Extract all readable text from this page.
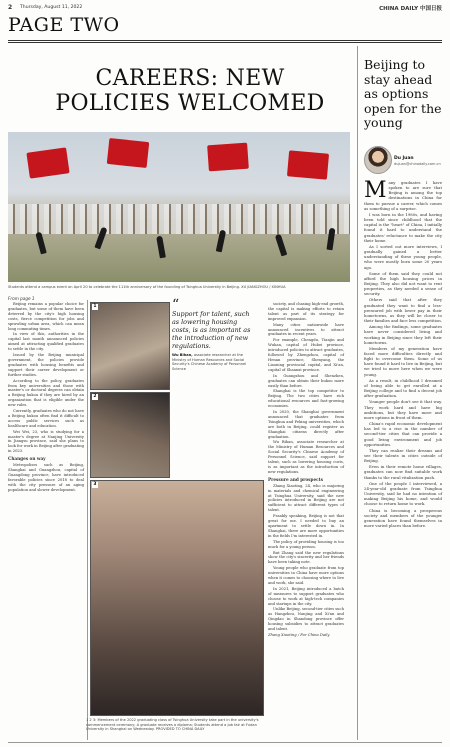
2 Thursday, August 11, 2022	CHINA DAILY 中国日报
PAGE TWO
CAREERS: NEW POLICIES WELCOMED
Students attend a campus event on April 20 to celebrate the 111th anniversary of the founding of Tsinghua University in Beijing. XU JIANGZHOU / XINHUA
From page 1

Beijing remains a popular choice for graduates, but some of them have been deterred by the city's high housing costs, fierce competition for jobs and sprawling urban area, which can mean long commuting times.

In view of this, authorities in the capital last month announced policies aimed at attracting qualified graduates to settle in the city.

Issued by the Beijing municipal government, the policies provide graduates with housing benefits and support their career development or further studies.

According to the policy, graduates from key universities and those with master's or doctoral degrees can obtain a Beijing hukou if they are hired by an organization that is eligible under the new rules.

Currently, graduates who do not have a Beijing hukou often find it difficult to access public services such as healthcare and education.

Wei Wei, 23, who is studying for a master's degree at Nanjing University in Jiangsu province, said she plans to look for work in Beijing after graduating in 2023.

Changes on way

Metropolises such as Beijing, Shanghai and Guangzhou, capital of Guangdong province, have introduced favorable policies since 2018 to deal with the city pressure of an aging population and slower development.

1
2
3
“
Support for talent, such as lowering housing costs, is as important as the introduction of new regulations.
Wu Bihan, associate researcher at the Ministry of Human Resources and Social Security's Chinese Academy of Personnel Science
1 2 3: Members of the 2022 graduating class of Tsinghua University take part in the university's commencement ceremony; A graduate receives a diploma; Students attend a job fair at Fudan University in Shanghai on Wednesday. PROVIDED TO CHINA DAILY

society, and chasing high-end growth, the capital is making efforts to retain talent as part of its strategy for improved expansion.

Many cities nationwide have announced incentives to attract graduates in recent years.

For example, Chengdu, Tianjin and Wuhan, capital of Hubei province, introduced policies to attract graduates, followed by Zhengzhou, capital of Henan province, Shenyang, the Liaoning provincial capital, and Xi'an, capital of Shaanxi province.

In Guangzhou and Shenzhen, graduates can obtain their hukou more easily than before.

Shanghai is the top competitor to Beijing. The two cities have rich educational resources and fast-growing economies.

In 2020, the Shanghai government announced that graduates from Tsinghua and Peking universities, which are both in Beijing, could register as Shanghai citizens directly after graduation.

Wu Bihan, associate researcher at the Ministry of Human Resources and Social Security's Chinese Academy of Personnel Science, said support for talent, such as lowering housing costs, is as important as the introduction of new regulations.

Pressure and prospects

Zhang Xiaoting, 24, who is majoring in materials and chemical engineering at Tsinghua University, said the new policies introduced in Beijing are not sufficient to attract different types of talent.

Frankly speaking, Beijing is not that great for me. I needed to buy an apartment to settle down in. In Shanghai, there are more opportunities in the fields I'm interested in.

The policy of providing housing is too much for a young person.

But Zhang said the new regulations show the city's sincerity and her friends have been taking note.

Young people who graduate from top universities in China have more options when it comes to choosing where to live and work, she said.

In 2021, Beijing introduced a batch of measures to support graduates who choose to work at high-tech companies and startups in the city.

Unlike Beijing, second-tier cities such as Hangzhou, Nanjing and Xi'an and Qingdao in Shandong province offer housing subsidies to attract graduates and talent.

Zhang Xiaoting / For China Daily

Beijing to stay ahead as options open for the young
Du Juan
dujuan@chinadaily.com.cn

Many graduates I have spoken to are sure that Beijing is among the top destinations in China for them to pursue a career, which comes as something of a surprise.

I was born in the 1980s, and having been told since childhood that the capital is the "heart" of China, I initially found it hard to understand the graduates' reluctance to make the city their home.

As I sorted out more interviews, I gradually gained a better understanding of these young people, who were mostly born some 20 years ago.

Some of them said they could not afford the high housing prices in Beijing. They also did not want to rent properties, as they needed a sense of security.

Others said that after they graduated they want to find a less-pressured job with lower pay in their hometowns, as they will be closer to their families and face less competition.

Among the findings, some graduates have never considered living and working in Beijing since they left their hometowns.

Members of my generation have faced more difficulties directly and fight to overcome them. Some of us have found it hard to live in Beijing, but we tried to move here when we were young.

As a result, in childhood I dreamed of being able to get enrolled at a Beijing college and to find a decent job after graduation.

Younger people don't see it that way. They work hard and have big ambitions, but they have more and more options in front of them.

China's rapid economic development has led to a rise in the number of second-tier cities that can provide a good living environment and job opportunities.

They can realize their dreams and see their talents in cities outside of Beijing.

Even in their remote home villages, graduates can now find suitable work thanks to the rural vitalization push.

One of the people I interviewed, a 24-year-old graduate from Tsinghua University, said he had no intention of making Beijing his home, and would choose to return home to work.

China is becoming a prosperous society and members of the younger generation have found themselves in more varied places than before.
